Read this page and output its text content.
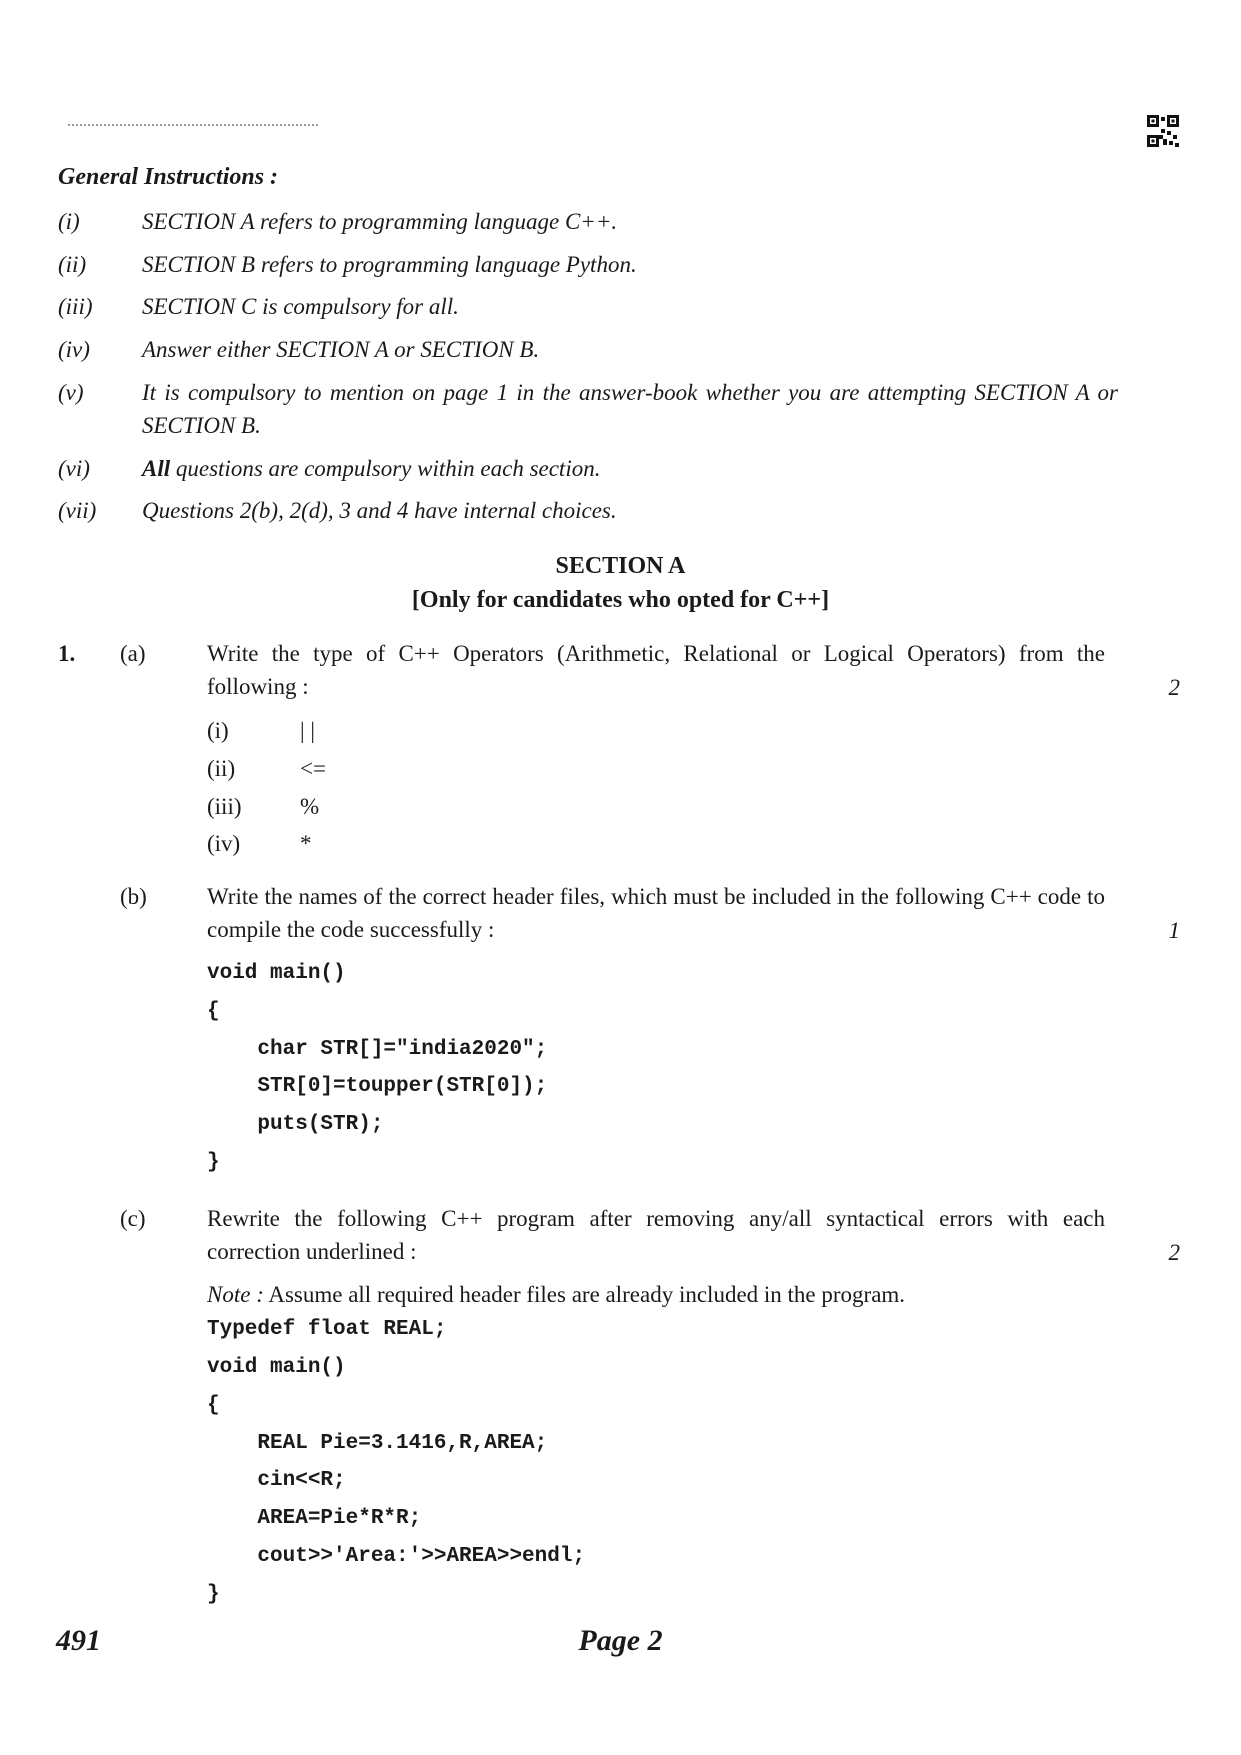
General Instructions :
(i)	SECTION A refers to programming language C++.
(ii) SECTION B refers to programming language Python.
(iii) SECTION C is compulsory for all.
(iv) Answer either SECTION A or SECTION B.
(v)	It is compulsory to mention on page 1 in the answer-book whether you are attempting SECTION A or SECTION B.
(vi) All questions are compulsory within each section.
(vii) Questions 2(b), 2(d), 3 and 4 have internal choices.
SECTION A
[Only for candidates who opted for C++]
1. (a)	Write the type of C++ Operators (Arithmetic, Relational or Logical Operators) from the following :	2
(i)	| |
(ii)	<=
(iii)	%
(iv)	*
(b)	Write the names of the correct header files, which must be included in the following C++ code to compile the code successfully :	1
void main()
{
char STR[]="india2020";
STR[0]=toupper(STR[0]);
puts(STR);
}
(c)	Rewrite the following C++ program after removing any/all syntactical errors with each correction underlined :	2
Note : Assume all required header files are already included in the program.
Typedef float REAL;
void main()
{
REAL Pie=3.1416,R,AREA;
cin<<R;
AREA=Pie*R*R;
cout>>'Area:'>>AREA>>endl;
}
491	Page 2
